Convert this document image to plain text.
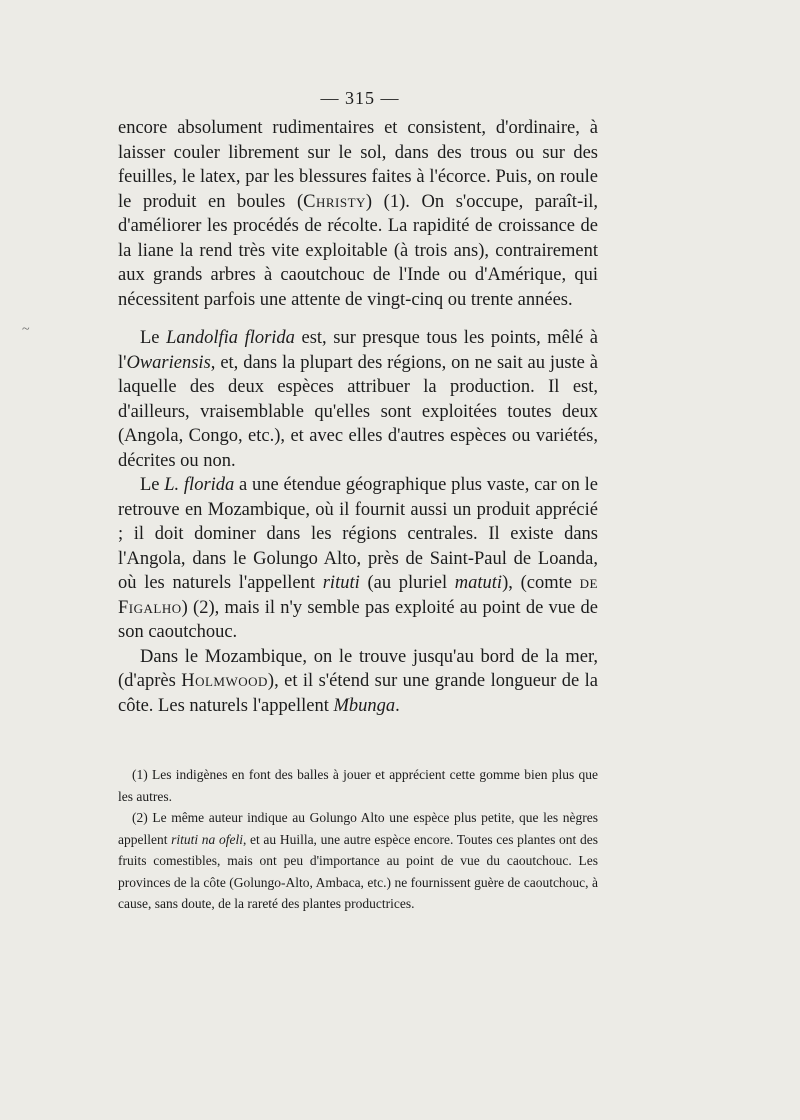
~
— 315 —

encore absolument rudimentaires et consistent, d'ordinaire, à laisser couler librement sur le sol, dans des trous ou sur des feuilles, le latex, par les blessures faites à l'écorce. Puis, on roule le produit en boules (Christy) (1). On s'occupe, paraît-il, d'améliorer les procédés de récolte. La rapidité de croissance de la liane la rend très vite exploitable (à trois ans), contrairement aux grands arbres à caoutchouc de l'Inde ou d'Amérique, qui nécessitent parfois une attente de vingt-cinq ou trente années.

Le Landolfia florida est, sur presque tous les points, mêlé à l'Owariensis, et, dans la plupart des régions, on ne sait au juste à laquelle des deux espèces attribuer la production. Il est, d'ailleurs, vraisemblable qu'elles sont exploitées toutes deux (Angola, Congo, etc.), et avec elles d'autres espèces ou variétés, décrites ou non.

Le L. florida a une étendue géographique plus vaste, car on le retrouve en Mozambique, où il fournit aussi un produit apprécié ; il doit dominer dans les régions centrales. Il existe dans l'Angola, dans le Golungo Alto, près de Saint-Paul de Loanda, où les naturels l'appellent rituti (au pluriel matuti), (comte de Figalho) (2), mais il n'y semble pas exploité au point de vue de son caoutchouc.

Dans le Mozambique, on le trouve jusqu'au bord de la mer, (d'après Holmwood), et il s'étend sur une grande longueur de la côte. Les naturels l'appellent Mbunga.

(1) Les indigènes en font des balles à jouer et apprécient cette gomme bien plus que les autres.

(2) Le même auteur indique au Golungo Alto une espèce plus petite, que les nègres appellent rituti na ofeli, et au Huilla, une autre espèce encore. Toutes ces plantes ont des fruits comestibles, mais ont peu d'importance au point de vue du caoutchouc. Les provinces de la côte (Golungo-Alto, Ambaca, etc.) ne fournissent guère de caoutchouc, à cause, sans doute, de la rareté des plantes productrices.
